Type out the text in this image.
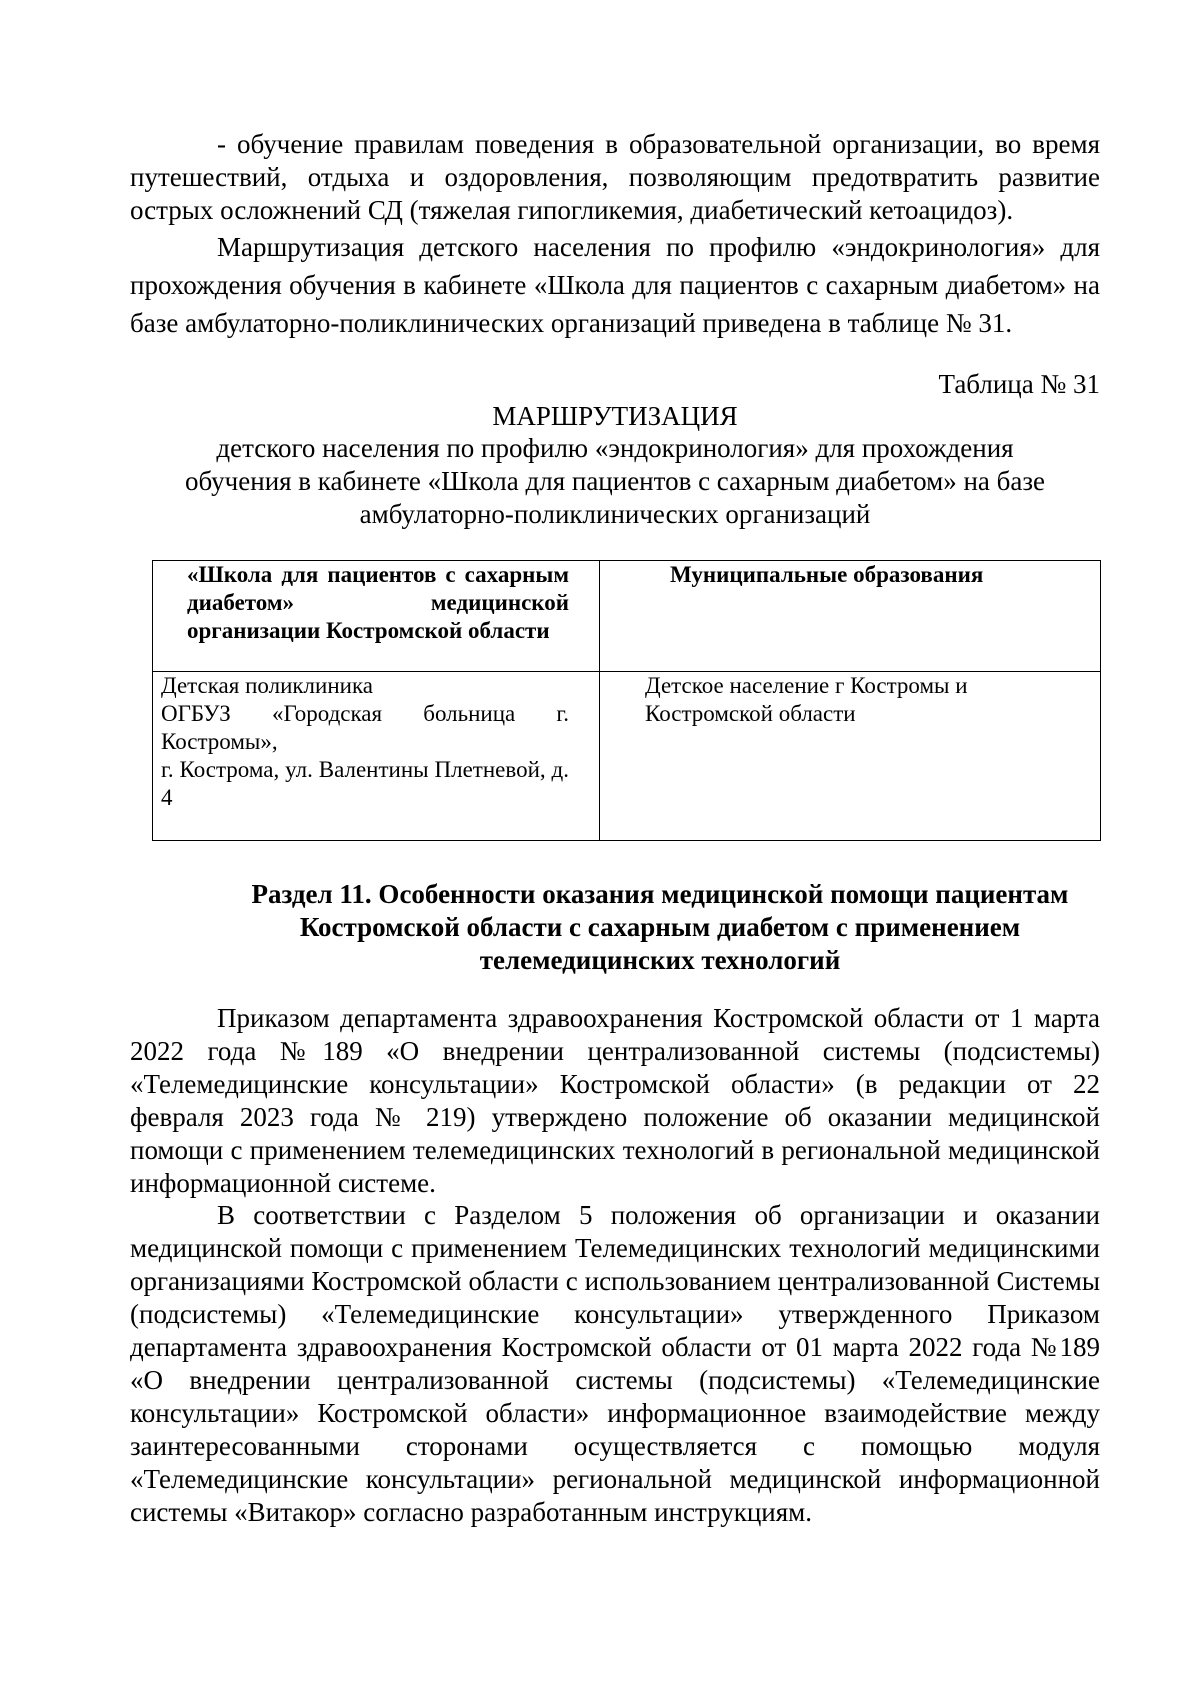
- обучение правилам поведения в образовательной организации, во время путешествий, отдыха и оздоровления, позволяющим предотвратить развитие острых осложнений СД (тяжелая гипогликемия, диабетический кетоацидоз).

Маршрутизация детского населения по профилю «эндокринология» для прохождения обучения в кабинете «Школа для пациентов с сахарным диабетом» на базе амбулаторно-поликлинических организаций приведена в таблице № 31.

Таблица № 31
МАРШРУТИЗАЦИЯ
детского населения по профилю «эндокринология» для прохождения
обучения в кабинете «Школа для пациентов с сахарным диабетом» на базе
амбулаторно-поликлинических организаций
«Школа для пациентов с сахарным диабетом» медицинской организации Костромской области	Муниципальные образования

Детская поликлиника
ОГБУЗ «Городская больница г. Костромы»,
г. Кострома, ул. Валентины Плетневой, д. 4	Детское население г Костромы и Костромской области
Раздел 11. Особенности оказания медицинской помощи пациентам
Костромской области с сахарным диабетом с применением
телемедицинских технологий

Приказом департамента здравоохранения Костромской области от 1 марта 2022 года №189 «О внедрении централизованной системы (подсистемы) «Телемедицинские консультации» Костромской области» (в редакции от 22 февраля 2023 года № 219) утверждено положение об оказании медицинской помощи с применением телемедицинских технологий в региональной медицинской информационной системе.

В соответствии с Разделом 5 положения об организации и оказании медицинской помощи с применением Телемедицинских технологий медицинскими организациями Костромской области с использованием централизованной Системы (подсистемы) «Телемедицинские консультации» утвержденного Приказом департамента здравоохранения Костромской области от 01 марта 2022 года №189 «О внедрении централизованной системы (подсистемы) «Телемедицинские консультации» Костромской области» информационное взаимодействие между заинтересованными сторонами осуществляется с помощью модуля «Телемедицинские консультации» региональной медицинской информационной системы «Витакор» согласно разработанным инструкциям.
